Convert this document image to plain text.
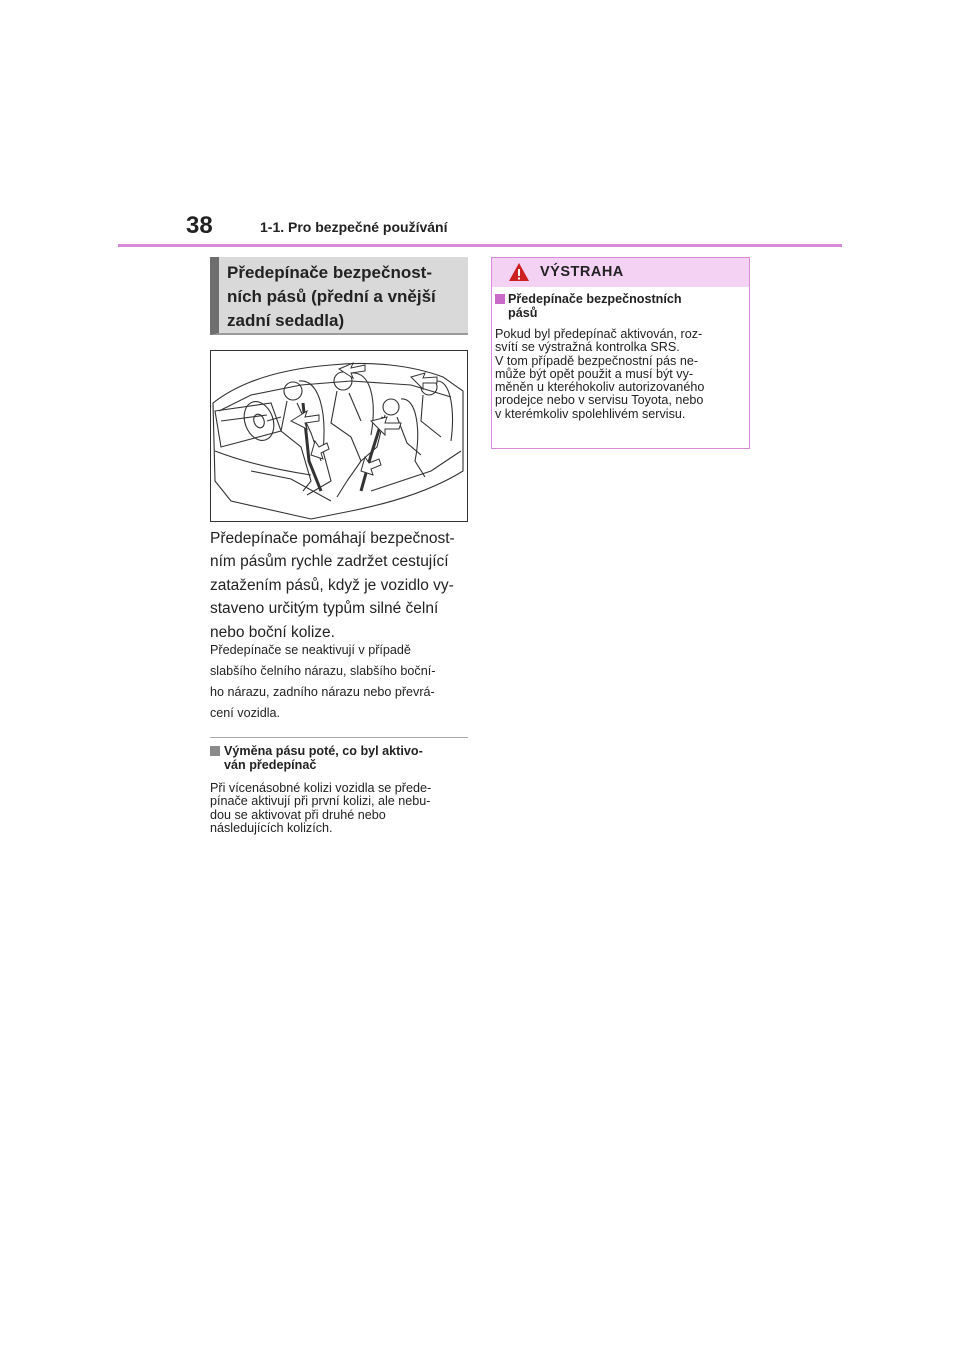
38	1-1. Pro bezpečné používání
Předepínače bezpečnost-
ních pásů (přední a vnější
zadní sedadla)
Předepínače pomáhají bezpečnost-
ním pásům rychle zadržet cestující
zatažením pásů, když je vozidlo vy-
staveno určitým typům silné čelní
nebo boční kolize.
Předepínače se neaktivují v případě
slabšího čelního nárazu, slabšího boční-
ho nárazu, zadního nárazu nebo převrá-
cení vozidla.
Výměna pásu poté, co byl aktivo-
ván předepínač
Při vícenásobné kolizi vozidla se přede-
pínače aktivují při první kolizi, ale nebu-
dou se aktivovat při druhé nebo
následujících kolizích.
VÝSTRAHA
Předepínače bezpečnostních
pásů
Pokud byl předepínač aktivován, roz-
svítí se výstražná kontrolka SRS.
V tom případě bezpečnostní pás ne-
může být opět použit a musí být vy-
měněn u kteréhokoliv autorizovaného
prodejce nebo v servisu Toyota, nebo
v kterémkoliv spolehlivém servisu.
